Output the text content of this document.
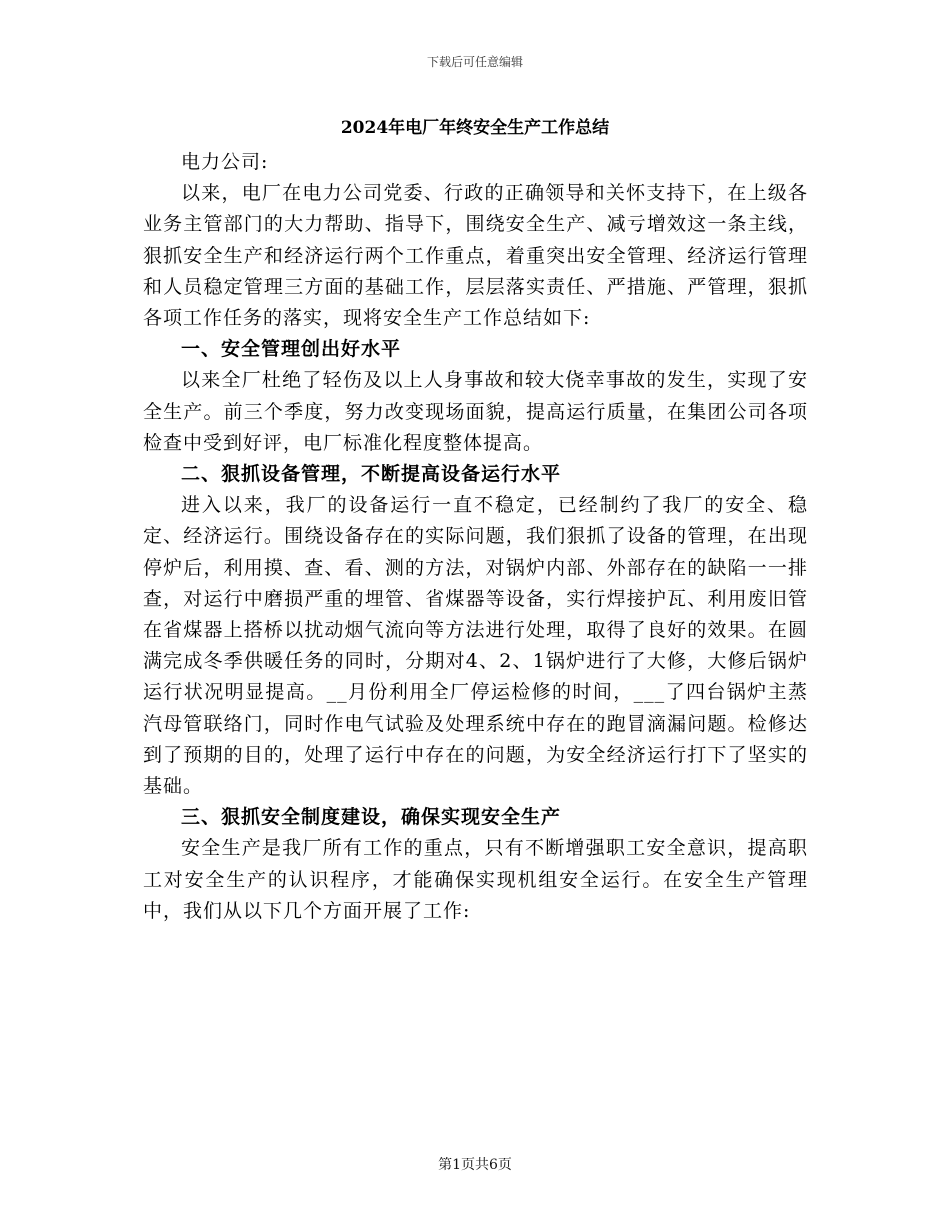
下载后可任意编辑
2024年电厂年终安全生产工作总结

电力公司:

以来，电厂在电力公司党委、行政的正确领导和关怀支持下，在上级各业务主管部门的大力帮助、指导下，围绕安全生产、减亏增效这一条主线，狠抓安全生产和经济运行两个工作重点，着重突出安全管理、经济运行管理和人员稳定管理三方面的基础工作，层层落实责任、严措施、严管理，狠抓各项工作任务的落实，现将安全生产工作总结如下:

一、安全管理创出好水平

以来全厂杜绝了轻伤及以上人身事故和较大侥幸事故的发生，实现了安全生产。前三个季度，努力改变现场面貌，提高运行质量，在集团公司各项检查中受到好评，电厂标准化程度整体提高。

二、狠抓设备管理，不断提高设备运行水平

进入以来，我厂的设备运行一直不稳定，已经制约了我厂的安全、稳定、经济运行。围绕设备存在的实际问题，我们狠抓了设备的管理，在出现停炉后，利用摸、查、看、测的方法，对锅炉内部、外部存在的缺陷一一排查，对运行中磨损严重的埋管、省煤器等设备，实行焊接护瓦、利用废旧管在省煤器上搭桥以扰动烟气流向等方法进行处理，取得了良好的效果。在圆满完成冬季供暖任务的同时，分期对4、2、1锅炉进行了大修，大修后锅炉运行状况明显提高。__月份利用全厂停运检修的时间，___了四台锅炉主蒸汽母管联络门，同时作电气试验及处理系统中存在的跑冒滴漏问题。检修达到了预期的目的，处理了运行中存在的问题，为安全经济运行打下了坚实的基础。

三、狠抓安全制度建设，确保实现安全生产

安全生产是我厂所有工作的重点，只有不断增强职工安全意识，提高职工对安全生产的认识程序，才能确保实现机组安全运行。在安全生产管理中，我们从以下几个方面开展了工作:

第1页共6页
